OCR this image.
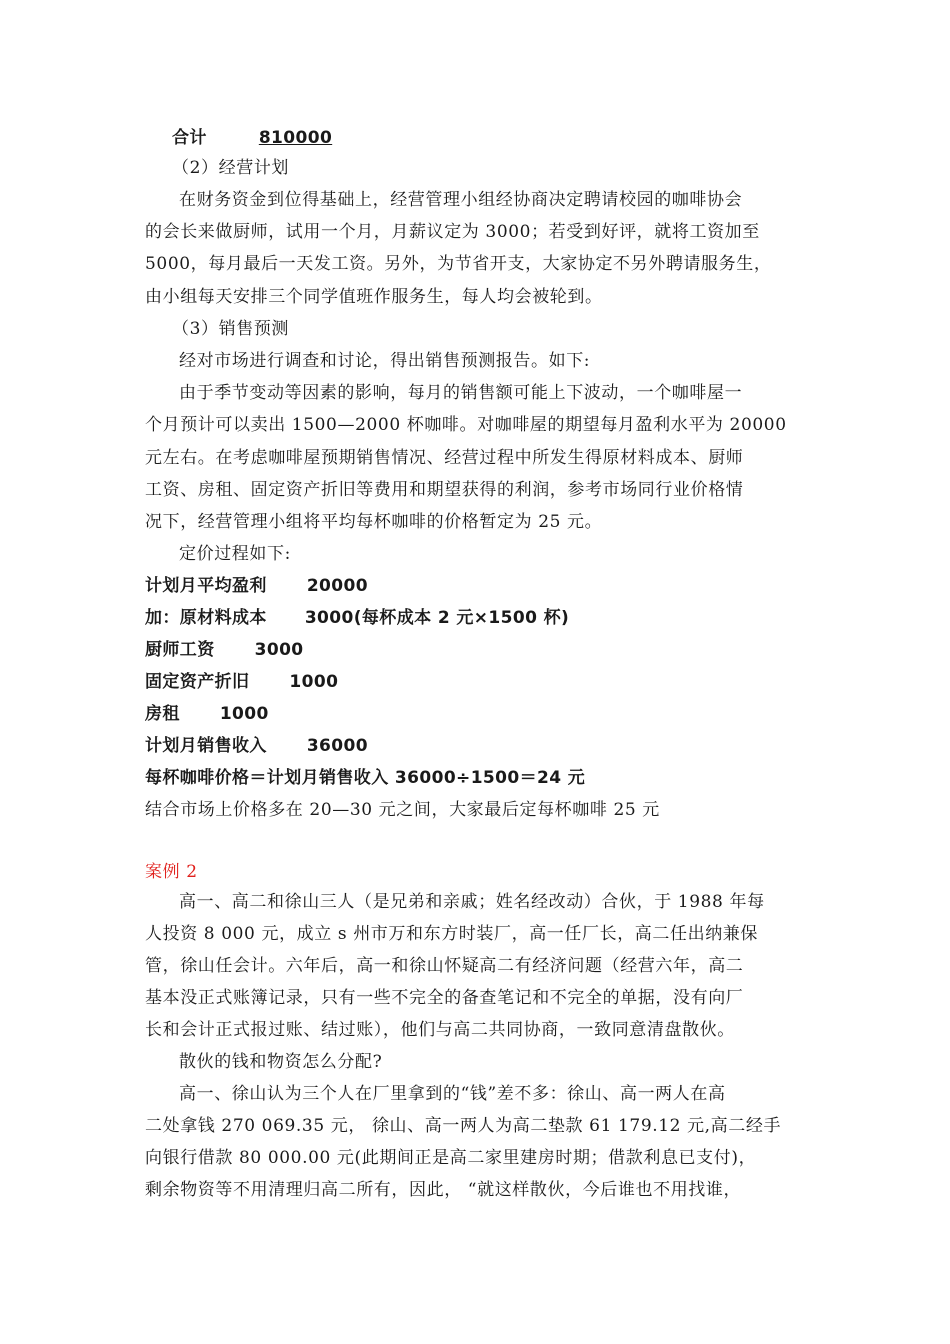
合计	810000
（2）经营计划
在财务资金到位得基础上，经营管理小组经协商决定聘请校园的咖啡协会
的会长来做厨师，试用一个月，月薪议定为 3000；若受到好评，就将工资加至
5000，每月最后一天发工资。另外，为节省开支，大家协定不另外聘请服务生，
由小组每天安排三个同学值班作服务生，每人均会被轮到。
（3）销售预测
经对市场进行调查和讨论，得出销售预测报告。如下:
由于季节变动等因素的影响，每月的销售额可能上下波动，一个咖啡屋一
个月预计可以卖出 1500—2000 杯咖啡。对咖啡屋的期望每月盈利水平为 20000
元左右。在考虑咖啡屋预期销售情况、经营过程中所发生得原材料成本、厨师
工资、房租、固定资产折旧等费用和期望获得的利润，参考市场同行业价格情
况下，经营管理小组将平均每杯咖啡的价格暂定为 25 元。
定价过程如下:
计划月平均盈利 20000
加：原材料成本 3000(每杯成本 2 元×1500 杯)
厨师工资 3000
固定资产折旧 1000
房租 1000
计划月销售收入 36000
每杯咖啡价格＝计划月销售收入 36000÷1500＝24 元
结合市场上价格多在 20—30 元之间，大家最后定每杯咖啡 25 元
案例 2
高一、高二和徐山三人（是兄弟和亲戚；姓名经改动）合伙，于 1988 年每
人投资 8 000 元，成立 s 州市万和东方时装厂，高一任厂长，高二任出纳兼保
管，徐山任会计。六年后，高一和徐山怀疑高二有经济问题（经营六年，高二
基本没正式账簿记录，只有一些不完全的备查笔记和不完全的单据，没有向厂
长和会计正式报过账、结过账），他们与高二共同协商，一致同意清盘散伙。
散伙的钱和物资怎么分配?
高一、徐山认为三个人在厂里拿到的“钱”差不多：徐山、高一两人在高
二处拿钱 270 069.35 元， 徐山、高一两人为高二垫款 61 179.12 元,高二经手
向银行借款 80 000.00 元(此期间正是高二家里建房时期；借款利息已支付)，
剩余物资等不用清理归高二所有，因此， “就这样散伙，今后谁也不用找谁，
